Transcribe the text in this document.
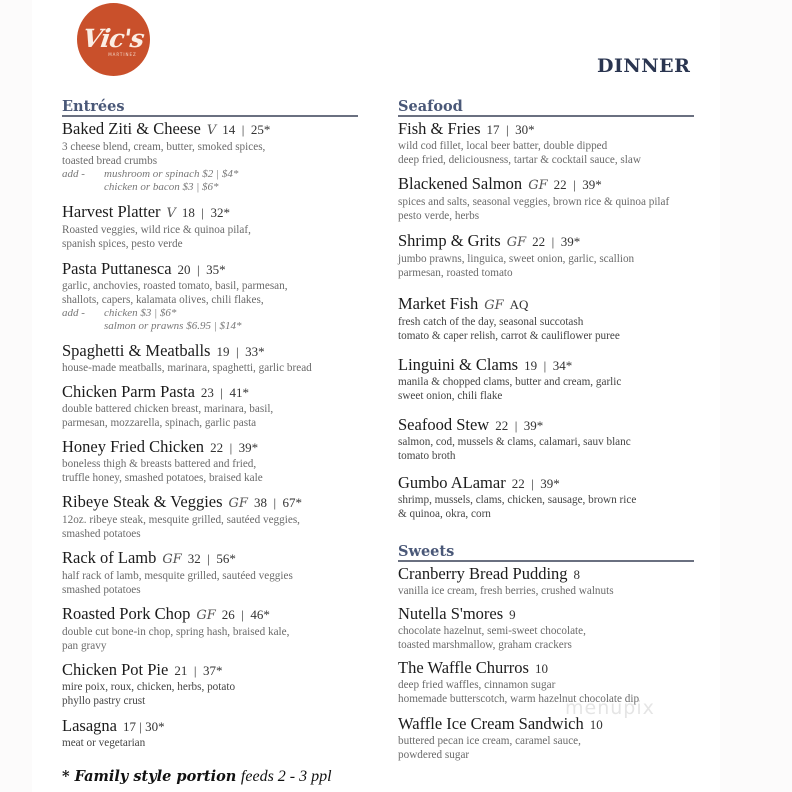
Vic's
MARTINEZ
DINNER
Entrées
Baked Ziti & Cheese V 14  |  25*
3 cheese blend, cream, butter, smoked spices,
toasted bread crumbs
add -	mushroom or spinach $2 | $4*
chicken or bacon $3 | $6*
Harvest Platter V 18  |  32*
Roasted veggies, wild rice & quinoa pilaf,
spanish spices, pesto verde
Pasta Puttanesca 20  |  35*
garlic, anchovies, roasted tomato, basil, parmesan,
shallots, capers, kalamata olives, chili flakes,
add -	chicken $3 | $6*
salmon or prawns $6.95 | $14*
Spaghetti & Meatballs 19  |  33*
house-made meatballs, marinara, spaghetti, garlic bread
Chicken Parm Pasta 23  |  41*
double battered chicken breast, marinara, basil,
parmesan, mozzarella, spinach, garlic pasta
Honey Fried Chicken 22  |  39*
boneless thigh & breasts battered and fried,
truffle honey, smashed potatoes, braised kale
Ribeye Steak & Veggies GF 38  |  67*
12oz. ribeye steak, mesquite grilled, sautéed veggies,
smashed potatoes
Rack of Lamb GF 32  |  56*
half rack of lamb, mesquite grilled, sautéed veggies
smashed potatoes
Roasted Pork Chop GF 26  |  46*
double cut bone-in chop, spring hash, braised kale,
pan gravy
Chicken Pot Pie 21  |  37*
mire poix, roux, chicken, herbs, potato
phyllo pastry crust
Lasagna 17 | 30*
meat or vegetarian
Seafood
Fish & Fries 17  |  30*
wild cod fillet, local beer batter, double dipped
deep fried, deliciousness, tartar & cocktail sauce, slaw
Blackened Salmon GF 22  |  39*
spices and salts, seasonal veggies, brown rice & quinoa pilaf
pesto verde, herbs
Shrimp & Grits GF 22  |  39*
jumbo prawns, linguica, sweet onion, garlic, scallion
parmesan, roasted tomato
Market Fish GF AQ
fresh catch of the day, seasonal succotash
tomato & caper relish, carrot & cauliflower puree
Linguini & Clams 19  |  34*
manila & chopped clams, butter and cream, garlic
sweet onion, chili flake
Seafood Stew 22  |  39*
salmon, cod, mussels & clams, calamari, sauv blanc
tomato broth
Gumbo ALamar 22  |  39*
shrimp, mussels, clams, chicken, sausage, brown rice
& quinoa, okra, corn
Sweets
Cranberry Bread Pudding 8
vanilla ice cream, fresh berries, crushed walnuts
Nutella S'mores 9
chocolate hazelnut, semi-sweet chocolate,
toasted marshmallow, graham crackers
The Waffle Churros 10
deep fried waffles, cinnamon sugar
homemade butterscotch, warm hazelnut chocolate dip
Waffle Ice Cream Sandwich 10
buttered pecan ice cream, caramel sauce,
powdered sugar
* Family style portion feeds 2 - 3 ppl
menupix
